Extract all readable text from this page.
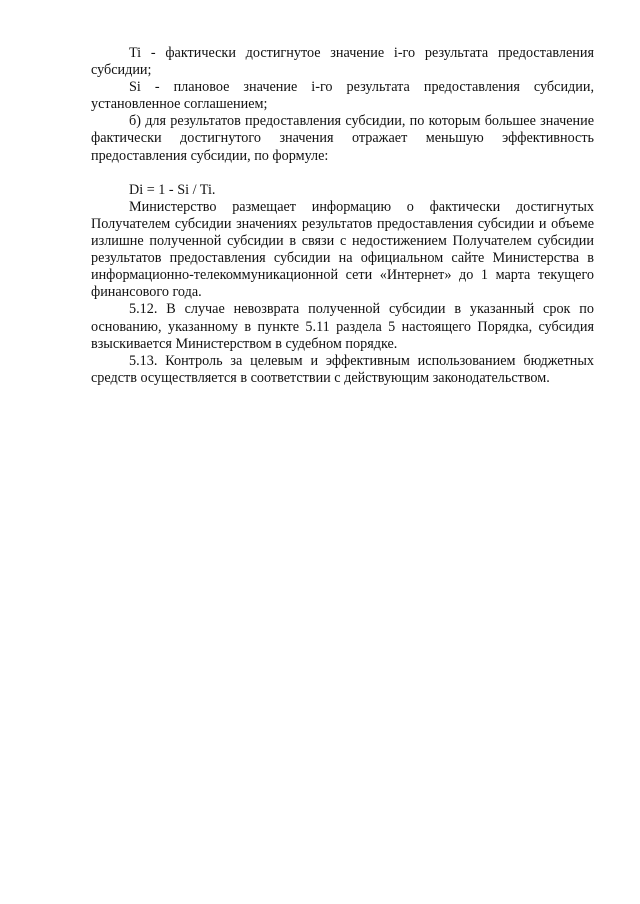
Ti - фактически достигнутое значение i-го результата предоставления субсидии;

Si - плановое значение i-го результата предоставления субсидии, установленное соглашением;

б) для результатов предоставления субсидии, по которым большее значение фактически достигнутого значения отражает меньшую эффективность предоставления субсидии, по формуле:

Di = 1 - Si / Ti.

Министерство размещает информацию о фактически достигнутых Получателем субсидии значениях результатов предоставления субсидии и объеме излишне полученной субсидии в связи с недостижением Получателем субсидии результатов предоставления субсидии на официальном сайте Министерства в информационно-телекоммуникационной сети «Интернет» до 1 марта текущего финансового года.

5.12. В случае невозврата полученной субсидии в указанный срок по основанию, указанному в пункте 5.11 раздела 5 настоящего Порядка, субсидия взыскивается Министерством в судебном порядке.

5.13. Контроль за целевым и эффективным использованием бюджетных средств осуществляется в соответствии с действующим законодательством.
